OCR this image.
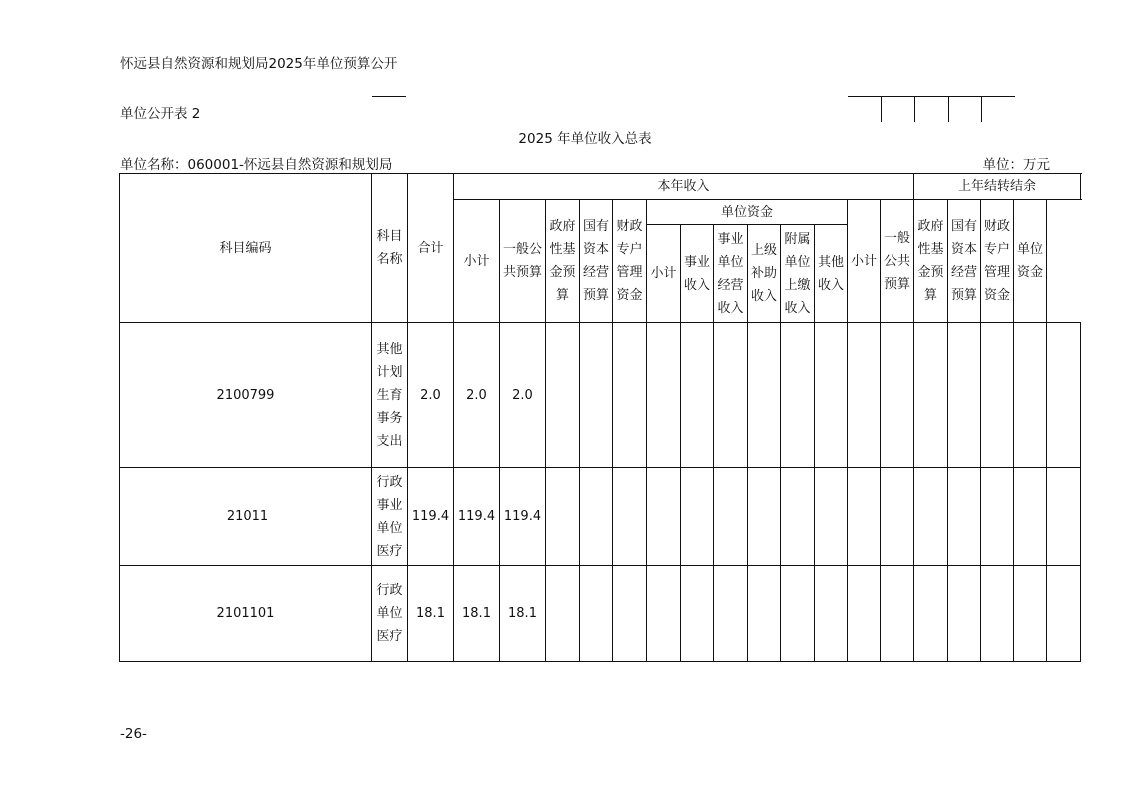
怀远县自然资源和规划局2025年单位预算公开
单位公开表 2
2025 年单位收入总表
单位名称：060001-怀远县自然资源和规划局	单位：万元
科目编码	科目名称	合计	本年收入													上年结转结余				
			小计	一般公共预算	政府性基金预算	国有资本经营预算	财政专户管理资金	单位资金						小计	一般公共预算	政府性基金预算	国有资本经营预算	财政专户管理资金	单位资金	
								小计	事业收入	事业单位经营收入	上级补助收入	附属单位上缴收入	其他收入							
2100799	其他计划生育事务支出	2.0	2.0	2.0																
21011	行政事业单位医疗	119.4	119.4	119.4																
2101101	行政单位医疗	18.1	18.1	18.1																
-26-
